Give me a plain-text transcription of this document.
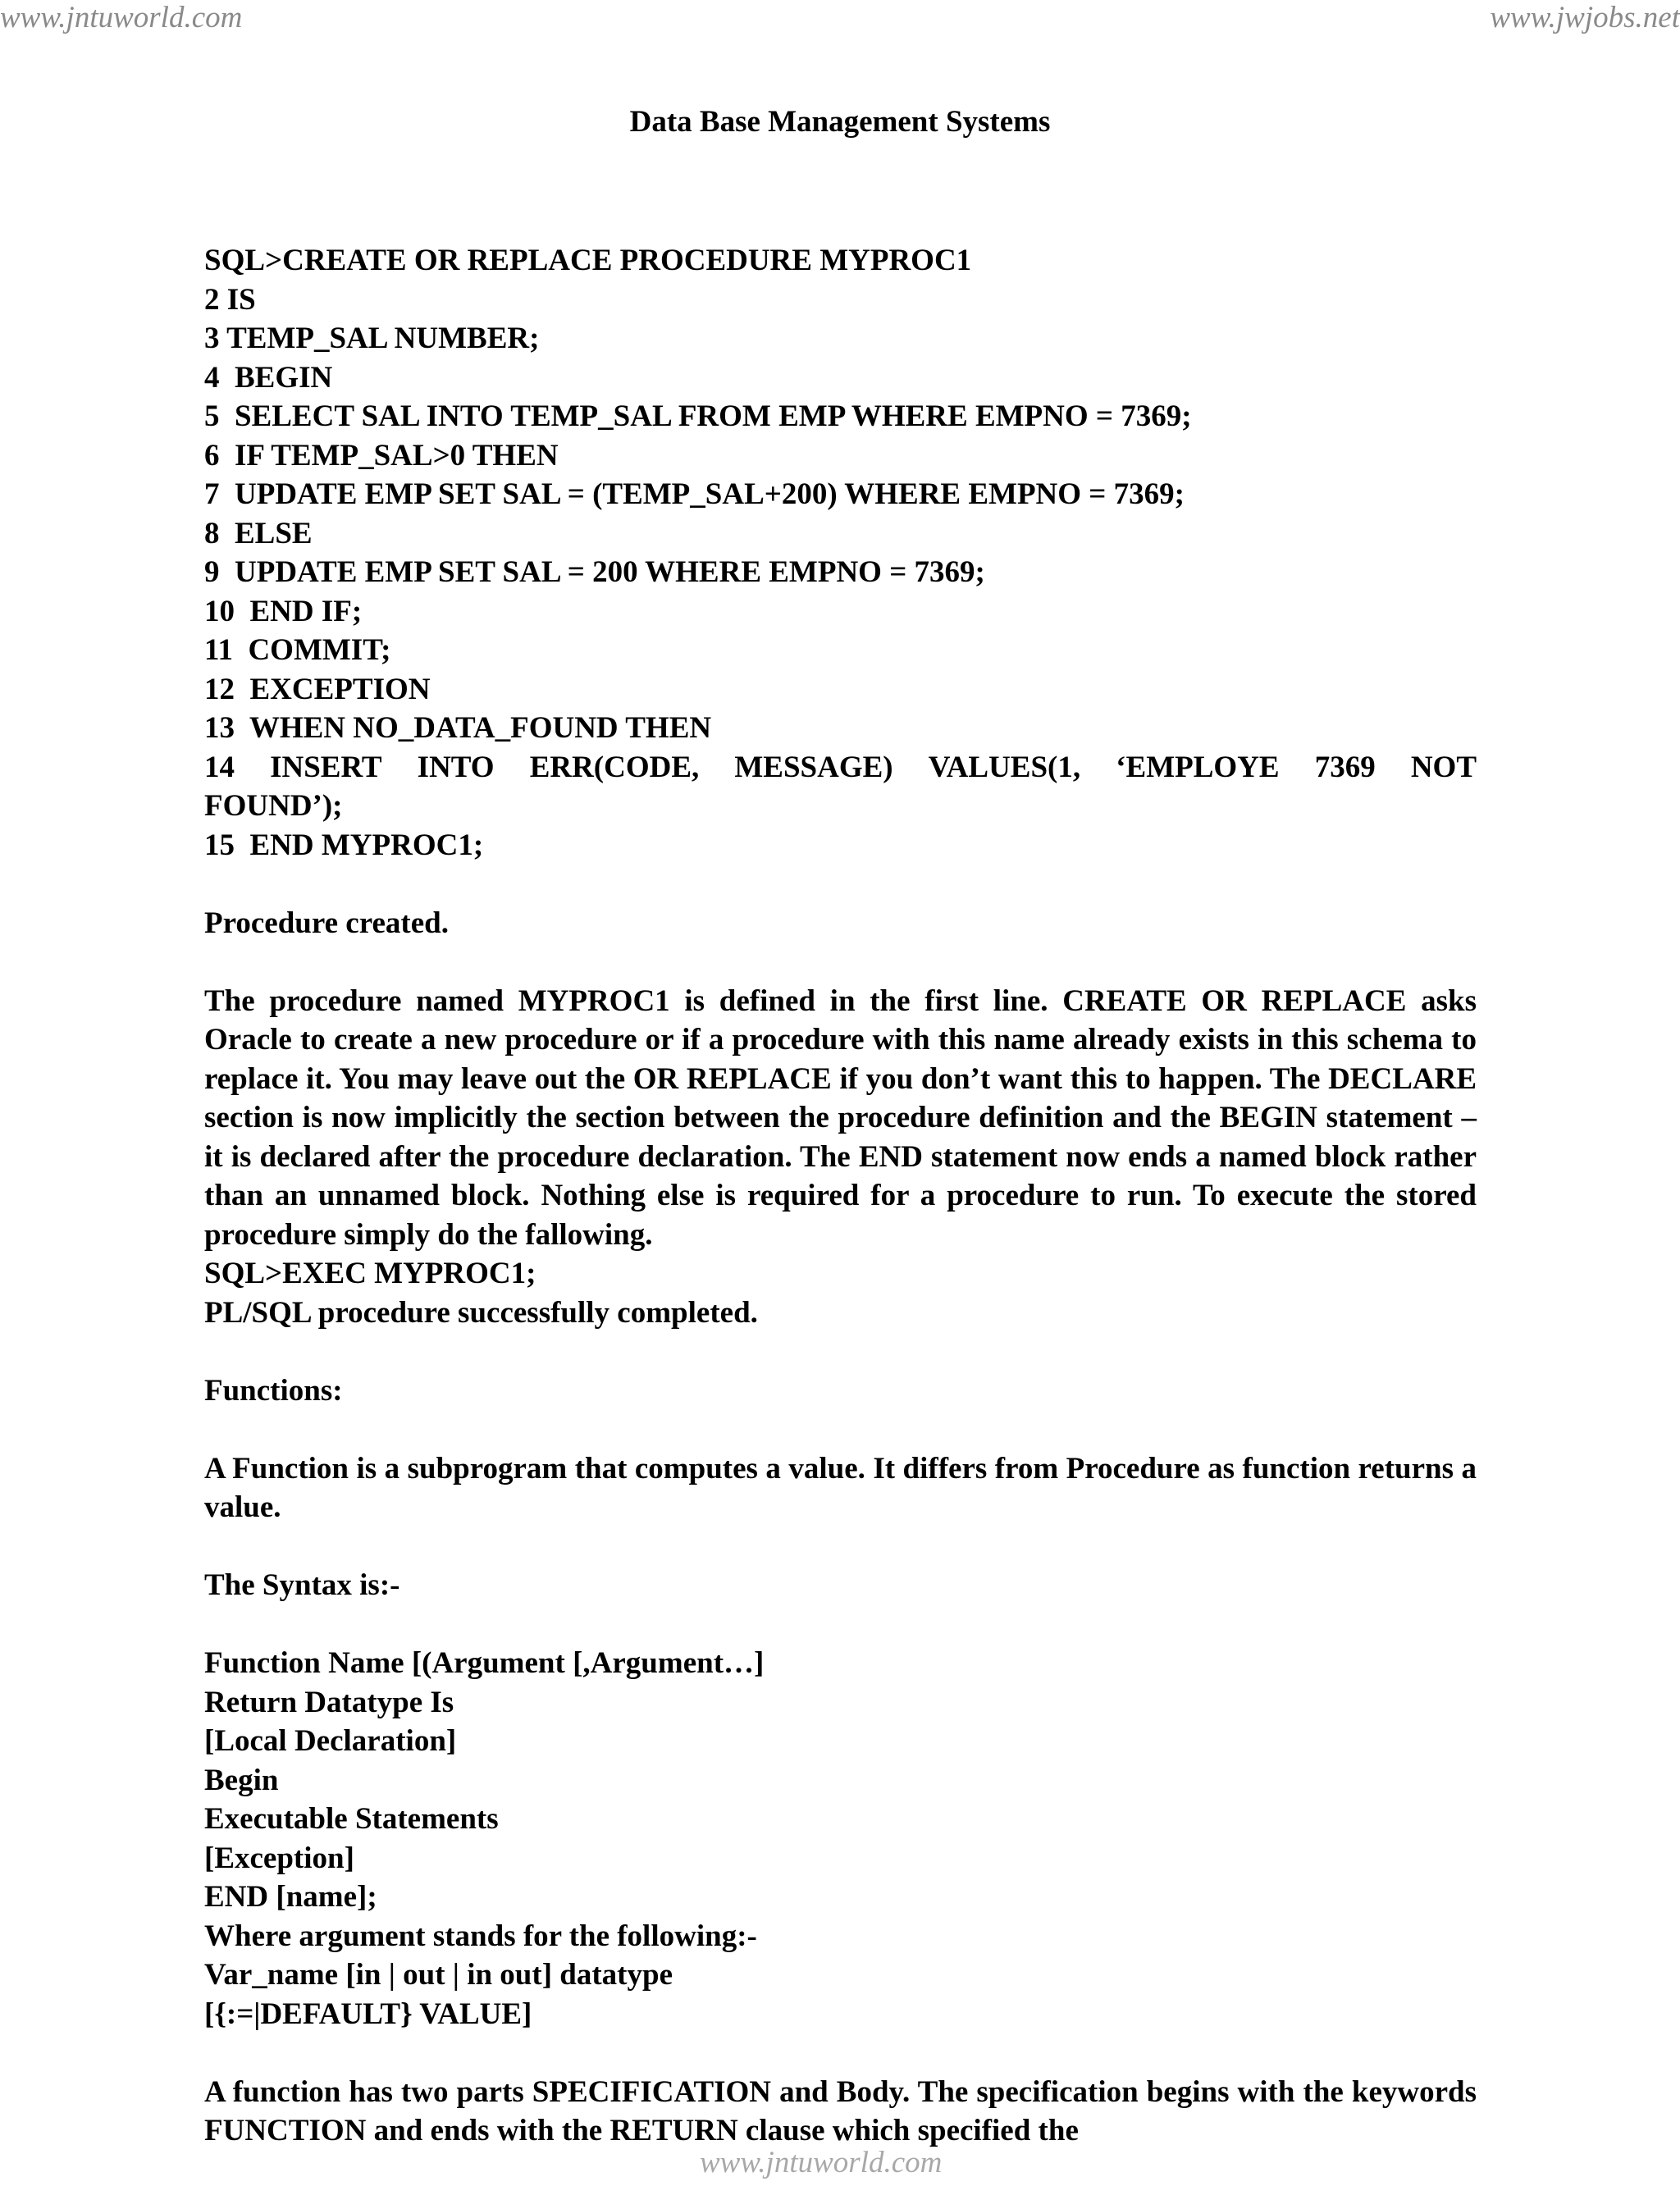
www.jntuworld.com	www.jwjobs.net
Data Base Management Systems
SQL>CREATE OR REPLACE PROCEDURE MYPROC1
2 IS
3 TEMP_SAL NUMBER;
4  BEGIN
5  SELECT SAL INTO TEMP_SAL FROM EMP WHERE EMPNO = 7369;
6  IF TEMP_SAL>0 THEN
7  UPDATE EMP SET SAL = (TEMP_SAL+200) WHERE EMPNO = 7369;
8  ELSE
9  UPDATE EMP SET SAL = 200 WHERE EMPNO = 7369;
10  END IF;
11  COMMIT;
12  EXCEPTION
13  WHEN NO_DATA_FOUND THEN
14 INSERT INTO ERR(CODE, MESSAGE) VALUES(1, ‘EMPLOYE 7369 NOT
FOUND’);
15  END MYPROC1;
Procedure created.
The procedure named MYPROC1 is defined in the first line. CREATE OR REPLACE asks Oracle to create a new procedure or if a procedure with this name already exists in this schema to replace it. You may leave out the OR REPLACE if you don’t want this to happen. The DECLARE section is now implicitly the section between the procedure definition and the BEGIN statement – it is declared after the procedure declaration. The END statement now ends a named block rather than an unnamed block. Nothing else is required for a procedure to run. To execute the stored procedure simply do the fallowing.
SQL>EXEC MYPROC1;
PL/SQL procedure successfully completed.
Functions:
A Function is a subprogram that computes a value. It differs from Procedure as function returns a value.
The Syntax is:-
Function Name [(Argument [,Argument…]
Return Datatype Is
[Local Declaration]
Begin
Executable Statements
[Exception]
END [name];
Where argument stands for the following:-
Var_name [in | out | in out] datatype
[{:=|DEFAULT} VALUE]
A function has two parts SPECIFICATION and Body. The specification begins with the keywords FUNCTION and ends with the RETURN clause which specified the
www.jntuworld.com
